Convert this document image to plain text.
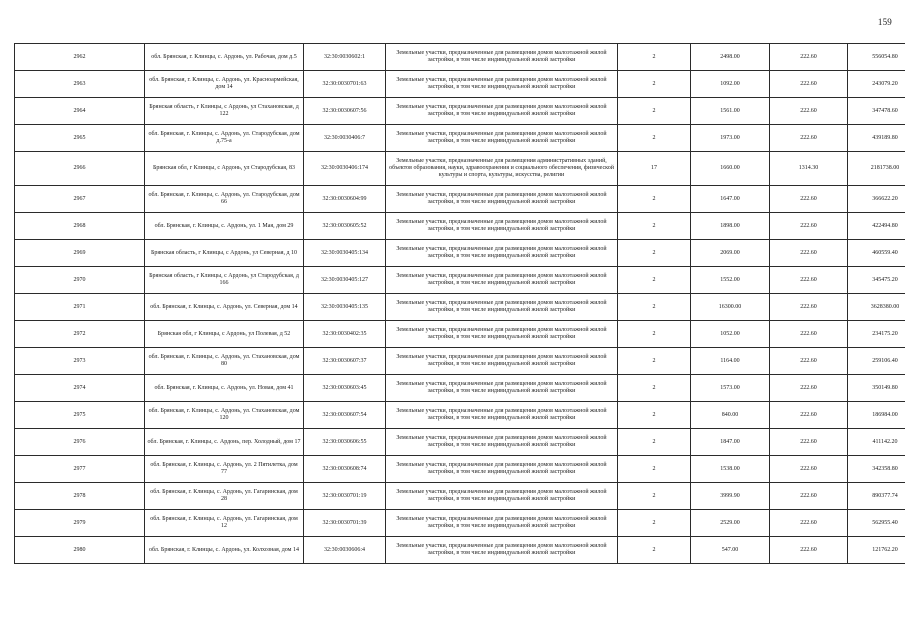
159
2962	обл. Брянская, г. Клинцы, с. Ардонь, ул. Рабочая, дом д.5	32:30:0030602:1	Земельные участки, предназначенные для размещения домов малоэтажной жилой застройки, в том числе индивидуальной жилой застройки	2	2498.00	222.60	556054.80
2963	обл. Брянская, г. Клинцы, с. Ардонь, ул. Красноармейская, дом 14	32:30:0030701:63	Земельные участки, предназначенные для размещения домов малоэтажной жилой застройки, в том числе индивидуальной жилой застройки	2	1092.00	222.60	243079.20
2964	Брянская область, г Клинцы, с Ардонь, ул Стахановская, д 122	32:30:0030607:56	Земельные участки, предназначенные для размещения домов малоэтажной жилой застройки, в том числе индивидуальной жилой застройки	2	1561.00	222.60	347478.60
2965	обл. Брянская, г. Клинцы, с. Ардонь, ул. Стародубская, дом д.75-а	32:30:0030406:7	Земельные участки, предназначенные для размещения домов малоэтажной жилой застройки, в том числе индивидуальной жилой застройки	2	1973.00	222.60	439189.80
2966	Брянская обл, г Клинцы, с Ардонь, ул Стародубская, 83	32:30:0030406:174	Земельные участки, предназначенные для размещения административных зданий, объектов образования, науки, здравоохранения и социального обеспечения, физической культуры и спорта, культуры, искусства, религии	17	1660.00	1314.30	2181738.00
2967	обл. Брянская, г. Клинцы, с. Ардонь, ул. Стародубская, дом 66	32:30:0030604:99	Земельные участки, предназначенные для размещения домов малоэтажной жилой застройки, в том числе индивидуальной жилой застройки	2	1647.00	222.60	366622.20
2968	обл. Брянская, г. Клинцы, с. Ардонь, ул. 1 Мая, дом 29	32:30:0030605:52	Земельные участки, предназначенные для размещения домов малоэтажной жилой застройки, в том числе индивидуальной жилой застройки	2	1898.00	222.60	422494.80
2969	Брянская область, г Клинцы, с Ардонь, ул Северная, д 10	32:30:0030405:134	Земельные участки, предназначенные для размещения домов малоэтажной жилой застройки, в том числе индивидуальной жилой застройки	2	2069.00	222.60	460559.40
2970	Брянская область, г Клинцы, с Ардонь, ул Стародубская, д 166	32:30:0030405:127	Земельные участки, предназначенные для размещения домов малоэтажной жилой застройки, в том числе индивидуальной жилой застройки	2	1552.00	222.60	345475.20
2971	обл. Брянская, г. Клинцы, с. Ардонь, ул. Северная, дом 14	32:30:0030405:135	Земельные участки, предназначенные для размещения домов малоэтажной жилой застройки, в том числе индивидуальной жилой застройки	2	16300.00	222.60	3628380.00
2972	Брянская обл, г Клинцы, с Ардонь, ул Полевая, д 52	32:30:0030402:35	Земельные участки, предназначенные для размещения домов малоэтажной жилой застройки, в том числе индивидуальной жилой застройки	2	1052.00	222.60	234175.20
2973	обл. Брянская, г. Клинцы, с. Ардонь, ул. Стахановская, дом 80	32:30:0030607:37	Земельные участки, предназначенные для размещения домов малоэтажной жилой застройки, в том числе индивидуальной жилой застройки	2	1164.00	222.60	259106.40
2974	обл. Брянская, г. Клинцы, с. Ардонь, ул. Новая, дом 41	32:30:0030603:45	Земельные участки, предназначенные для размещения домов малоэтажной жилой застройки, в том числе индивидуальной жилой застройки	2	1573.00	222.60	350149.80
2975	обл. Брянская, г. Клинцы, с. Ардонь, ул. Стахановская, дом 120	32:30:0030607:54	Земельные участки, предназначенные для размещения домов малоэтажной жилой застройки, в том числе индивидуальной жилой застройки	2	840.00	222.60	186984.00
2976	обл. Брянская, г. Клинцы, с. Ардонь, пер. Холодный, дом 17	32:30:0030606:55	Земельные участки, предназначенные для размещения домов малоэтажной жилой застройки, в том числе индивидуальной жилой застройки	2	1847.00	222.60	411142.20
2977	обл. Брянская, г. Клинцы, с. Ардонь, ул. 2 Пятилетка, дом 77	32:30:0030608:74	Земельные участки, предназначенные для размещения домов малоэтажной жилой застройки, в том числе индивидуальной жилой застройки	2	1538.00	222.60	342358.80
2978	обл. Брянская, г. Клинцы, с. Ардонь, ул. Гагаринская, дом 28	32:30:0030701:19	Земельные участки, предназначенные для размещения домов малоэтажной жилой застройки, в том числе индивидуальной жилой застройки	2	3999.90	222.60	890377.74
2979	обл. Брянская, г. Клинцы, с. Ардонь, ул. Гагаринская, дом 12	32:30:0030701:39	Земельные участки, предназначенные для размещения домов малоэтажной жилой застройки, в том числе индивидуальной жилой застройки	2	2529.00	222.60	562955.40
2980	обл. Брянская, г. Клинцы, с. Ардонь, ул. Колхозная, дом 14	32:30:0030606:4	Земельные участки, предназначенные для размещения домов малоэтажной жилой застройки, в том числе индивидуальной жилой застройки	2	547.00	222.60	121762.20
